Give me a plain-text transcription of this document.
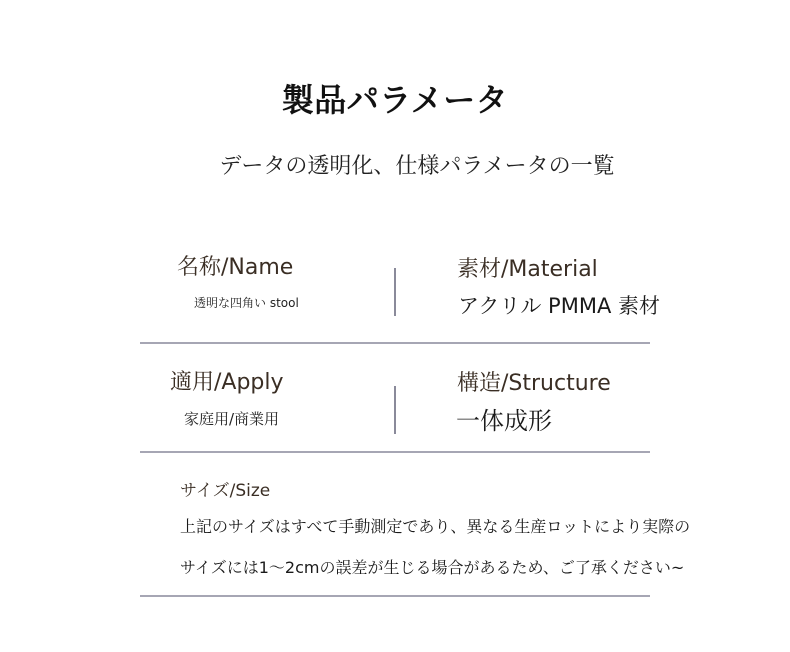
製品パラメータ
データの透明化、仕様パラメータの一覧
名称/Name
透明な四角い stool
素材/Material
アクリル PMMA 素材
適用/Apply
家庭用/商業用
構造/Structure
一体成形
サイズ/Size
上記のサイズはすべて手動測定であり、異なる生産ロットにより実際の
サイズには1～2cmの誤差が生じる場合があるため、ご了承ください~
